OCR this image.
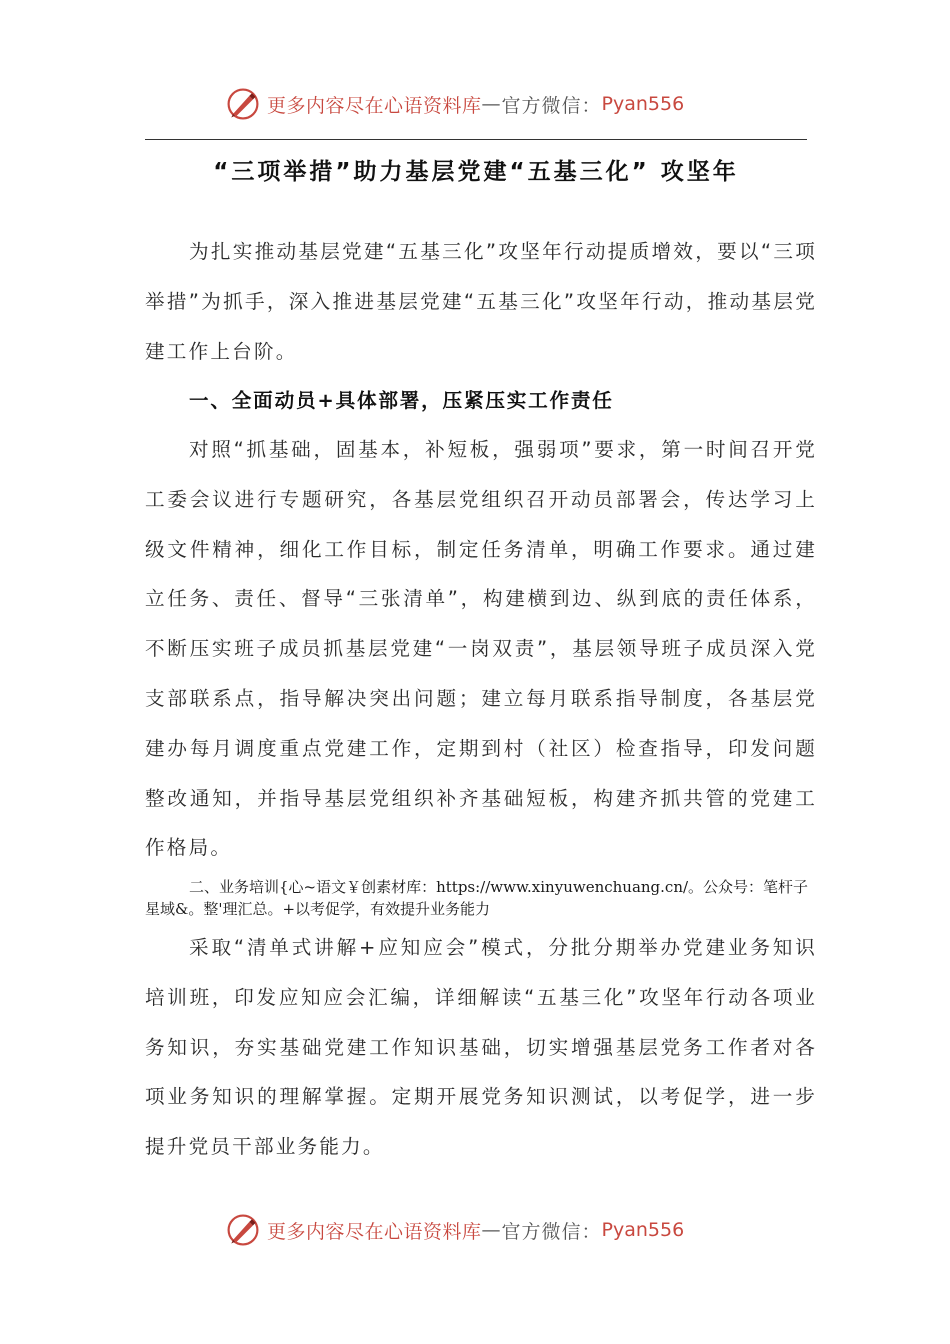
更多内容尽在心语资料库 — 官方微信： Pyan556
“三项举措”助力基层党建“五基三化” 攻坚年

为扎实推动基层党建“五基三化”攻坚年行动提质增效，要以“三项举措”为抓手，深入推进基层党建“五基三化”攻坚年行动，推动基层党建工作上台阶。

一、全面动员+具体部署，压紧压实工作责任

对照“抓基础，固基本，补短板，强弱项”要求，第一时间召开党工委会议进行专题研究，各基层党组织召开动员部署会，传达学习上级文件精神，细化工作目标，制定任务清单，明确工作要求。通过建立任务、责任、督导“三张清单”，构建横到边、纵到底的责任体系，不断压实班子成员抓基层党建“一岗双责”，基层领导班子成员深入党支部联系点，指导解决突出问题；建立每月联系指导制度，各基层党建办每月调度重点党建工作，定期到村（社区）检查指导，印发问题整改通知，并指导基层党组织补齐基础短板，构建齐抓共管的党建工作格局。

二、业务培训{心~语文￥创素材库：https://www.xinyuwenchuang.cn/。公众号：笔杆子星域&。整'理汇总。+以考促学，有效提升业务能力

采取“清单式讲解+应知应会”模式，分批分期举办党建业务知识培训班，印发应知应会汇编，详细解读“五基三化”攻坚年行动各项业务知识，夯实基础党建工作知识基础，切实增强基层党务工作者对各项业务知识的理解掌握。定期开展党务知识测试，以考促学，进一步提升党员干部业务能力。

更多内容尽在心语资料库 — 官方微信： Pyan556
